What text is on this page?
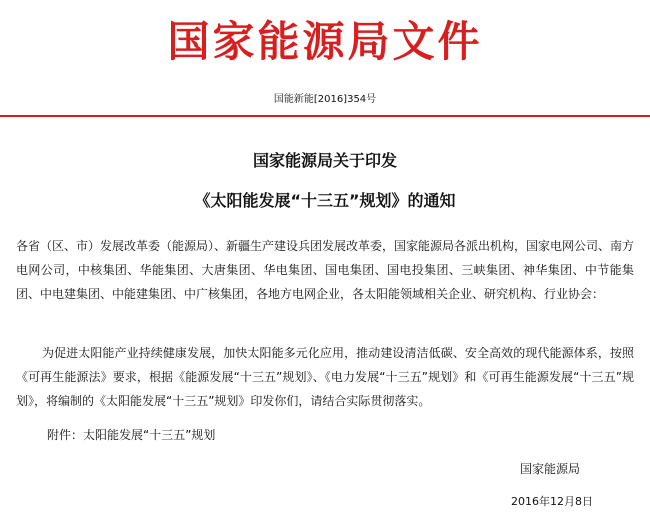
国家能源局文件
国能新能[2016]354号
国家能源局关于印发
《太阳能发展“十三五”规划》的通知
各省（区、市）发展改革委（能源局）、新疆生产建设兵团发展改革委，国家能源局各派出机构，国家电网公司、南方电网公司，中核集团、华能集团、大唐集团、华电集团、国电集团、国电投集团、三峡集团、神华集团、中节能集团、中电建集团、中能建集团、中广核集团，各地方电网企业，各太阳能领域相关企业、研究机构、行业协会：
为促进太阳能产业持续健康发展，加快太阳能多元化应用，推动建设清洁低碳、安全高效的现代能源体系，按照《可再生能源法》要求，根据《能源发展“十三五”规划》、《电力发展“十三五”规划》和《可再生能源发展“十三五”规划》，将编制的《太阳能发展“十三五”规划》印发你们，请结合实际贯彻落实。
附件：太阳能发展“十三五”规划
国家能源局
2016年12月8日
